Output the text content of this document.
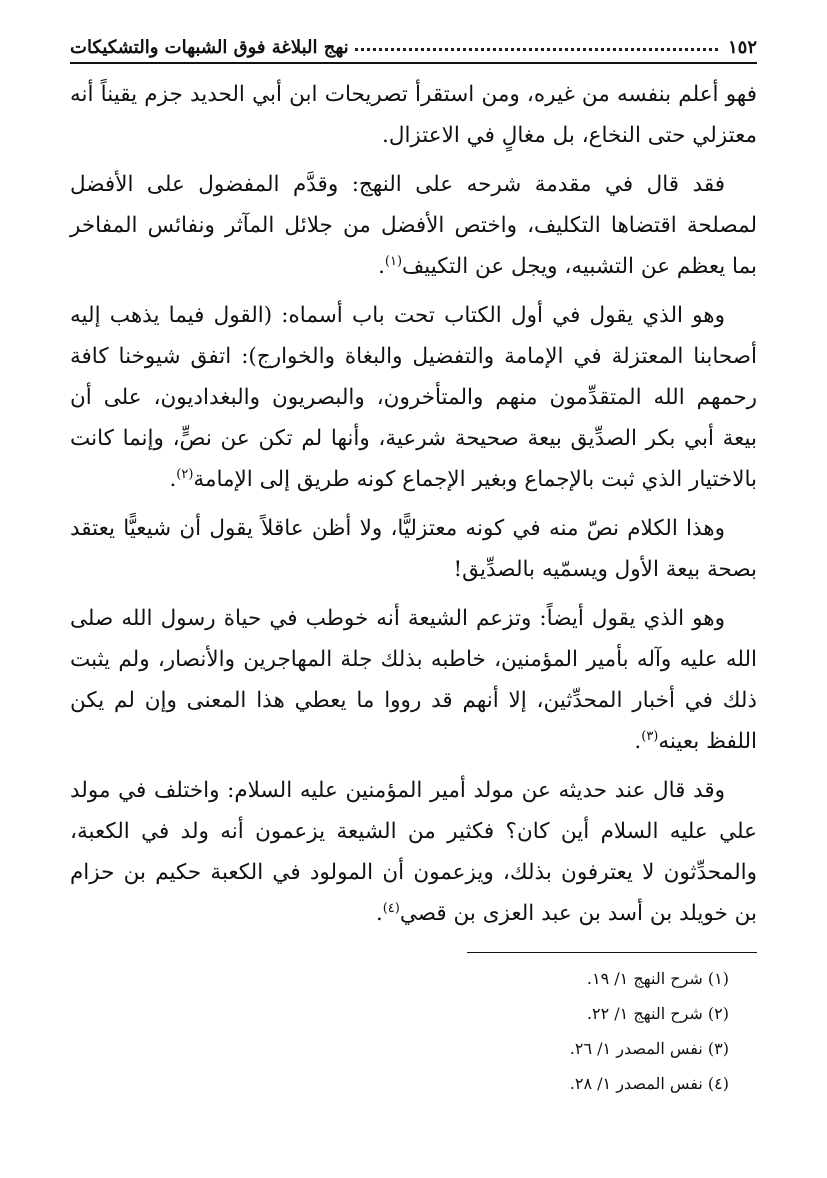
١٥٢
نهج البلاغة فوق الشبهات والتشكيكات

فهو أعلم بنفسه من غيره، ومن استقرأ تصريحات ابن أبي الحديد جزم يقيناً أنه معتزلي حتى النخاع، بل مغالٍ في الاعتزال.

فقد قال في مقدمة شرحه على النهج: وقدَّم المفضول على الأفضل لمصلحة اقتضاها التكليف، واختص الأفضل من جلائل المآثر ونفائس المفاخر بما يعظم عن التشبيه، ويجل عن التكييف$^{(١)}$.

وهو الذي يقول في أول الكتاب تحت باب أسماه: (القول فيما يذهب إليه أصحابنا المعتزلة في الإمامة والتفضيل والبغاة والخوارج): اتفق شيوخنا كافة رحمهم الله المتقدِّمون منهم والمتأخرون، والبصريون والبغداديون، على أن بيعة أبي بكر الصدِّيق بيعة صحيحة شرعية، وأنها لم تكن عن نصٍّ، وإنما كانت بالاختيار الذي ثبت بالإجماع وبغير الإجماع كونه طريق إلى الإمامة$^{(٢)}$.

وهذا الكلام نصّ منه في كونه معتزليًّا، ولا أظن عاقلاً يقول أن شيعيًّا يعتقد بصحة بيعة الأول ويسمّيه بالصدِّيق!

وهو الذي يقول أيضاً: وتزعم الشيعة أنه خوطب في حياة رسول الله صلى الله عليه وآله بأمير المؤمنين، خاطبه بذلك جلة المهاجرين والأنصار، ولم يثبت ذلك في أخبار المحدِّثين، إلا أنهم قد رووا ما يعطي هذا المعنى وإن لم يكن اللفظ بعينه$^{(٣)}$.

وقد قال عند حديثه عن مولد أمير المؤمنين عليه السلام: واختلف في مولد علي عليه السلام أين كان؟ فكثير من الشيعة يزعمون أنه ولد في الكعبة، والمحدِّثون لا يعترفون بذلك، ويزعمون أن المولود في الكعبة حكيم بن حزام بن خويلد بن أسد بن عبد العزى بن قصي$^{(٤)}$.

(١) شرح النهج ١/ ١٩.
(٢) شرح النهج ١/ ٢٢.
(٣) نفس المصدر ١/ ٢٦.
(٤) نفس المصدر ١/ ٢٨.
